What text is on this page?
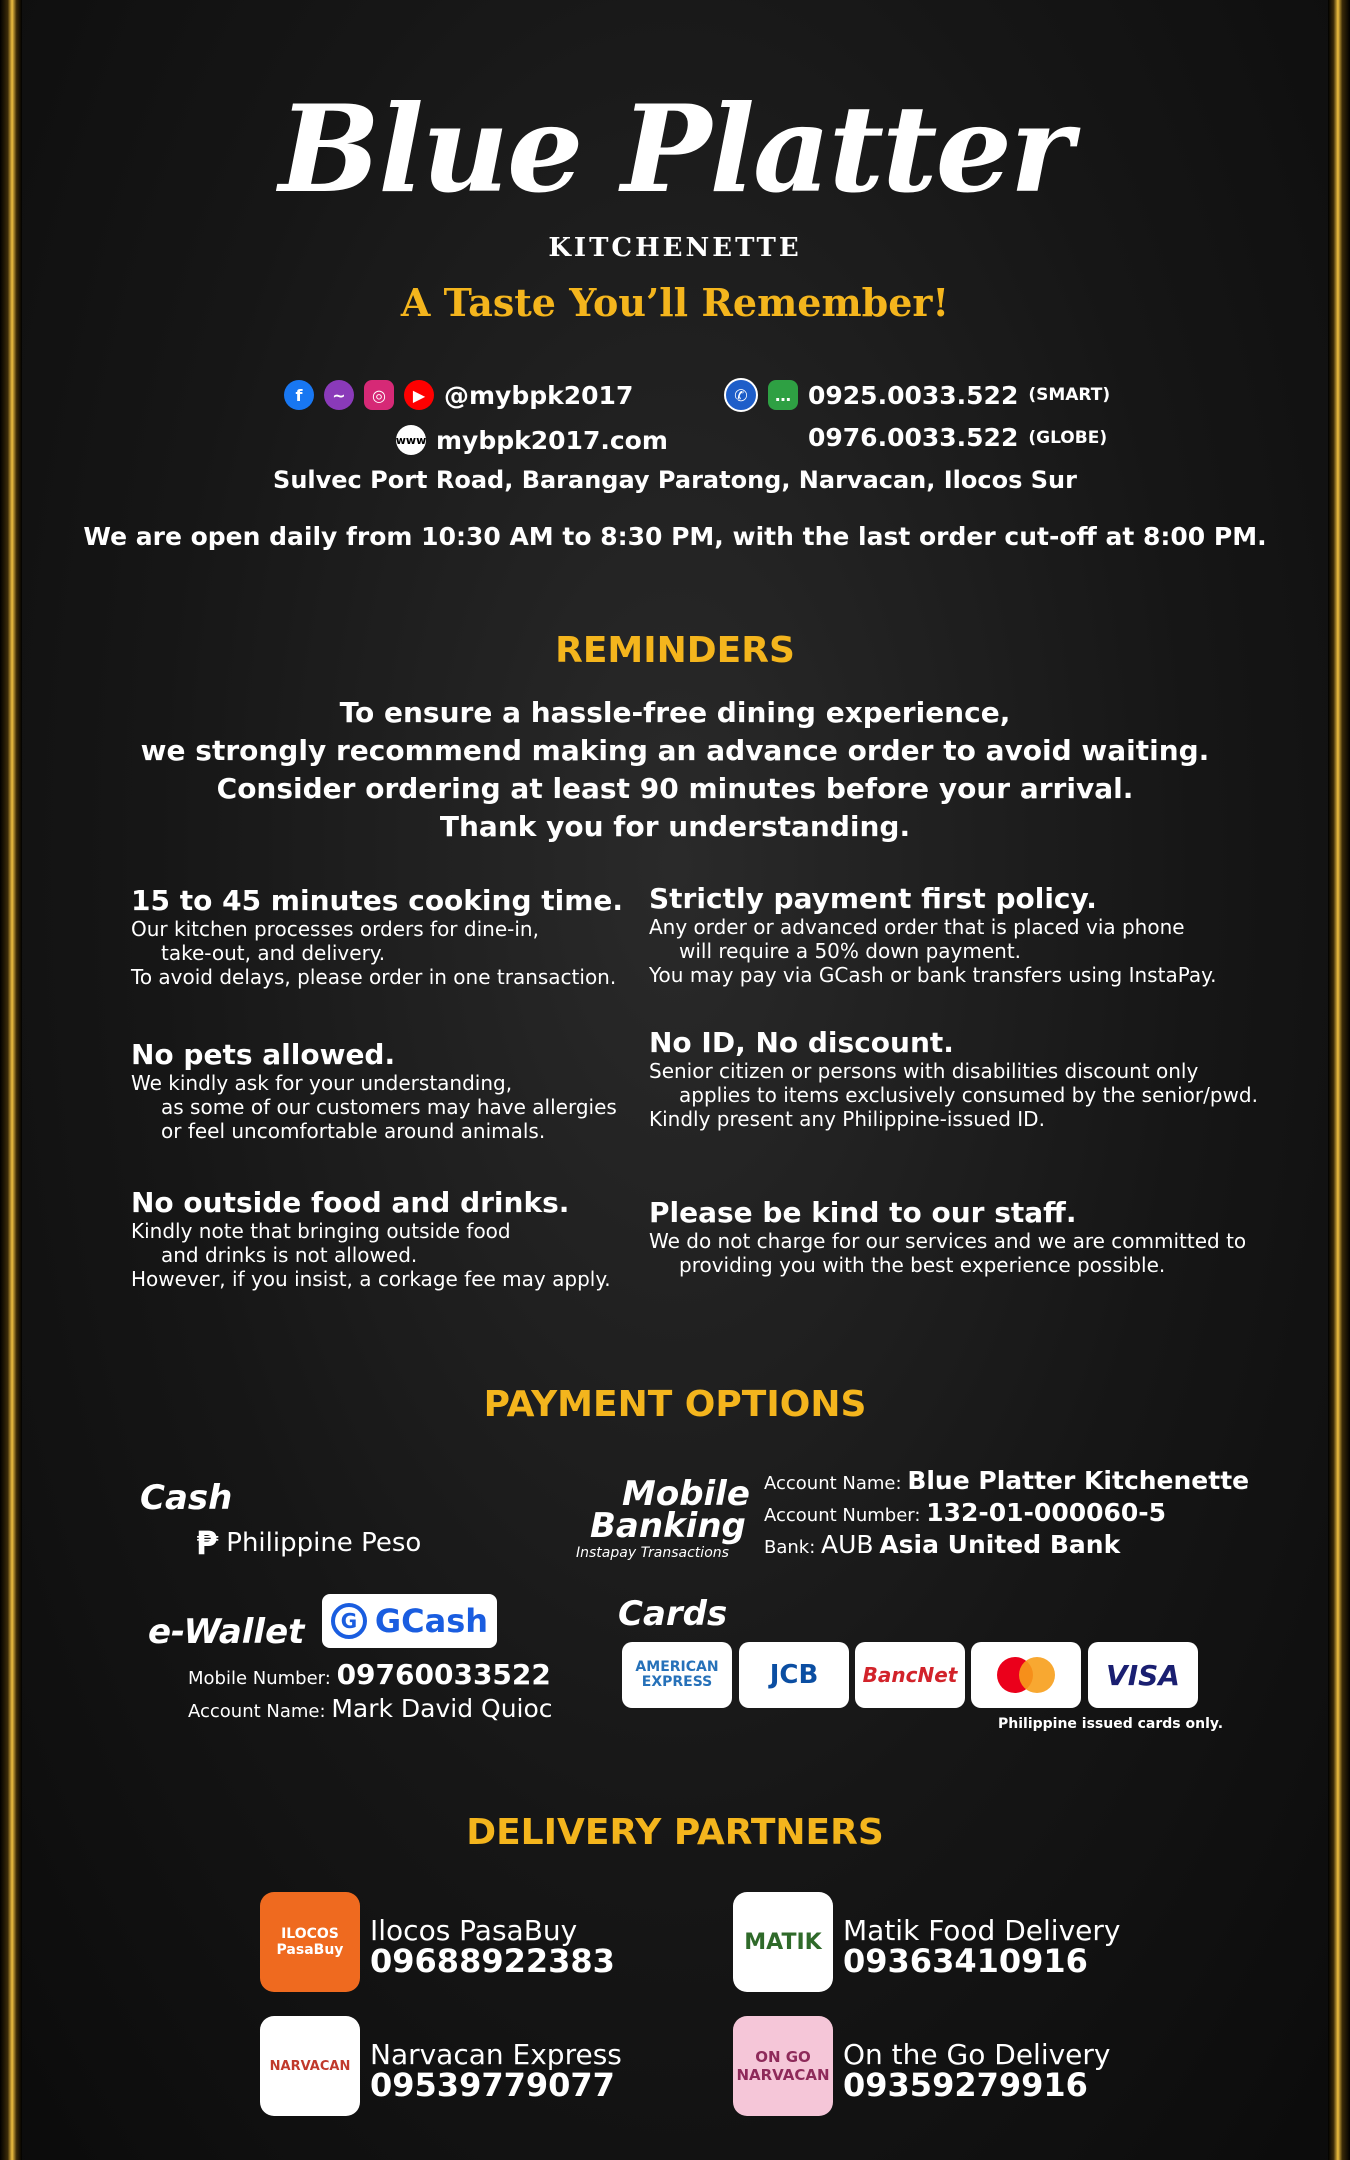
Blue Platter
KITCHENETTE
A Taste You’ll Remember!
f	~	◎	▶ @mybpk2017
www mybpk2017.com
✆	… 0925.0033.522 (SMART)
0976.0033.522 (GLOBE)
Sulvec Port Road, Barangay Paratong, Narvacan, Ilocos Sur
We are open daily from 10:30 AM to 8:30 PM, with the last order cut-off at 8:00 PM.
REMINDERS
To ensure a hassle-free dining experience,
we strongly recommend making an advance order to avoid waiting.
Consider ordering at least 90 minutes before your arrival.
Thank you for understanding.
15 to 45 minutes cooking time.

Our kitchen processes orders for dine-in,

take-out, and delivery.

To avoid delays, please order in one transaction.

Strictly payment first policy.

Any order or advanced order that is placed via phone

will require a 50% down payment.

You may pay via GCash or bank transfers using InstaPay.

No pets allowed.

We kindly ask for your understanding,

as some of our customers may have allergies

or feel uncomfortable around animals.

No ID, No discount.

Senior citizen or persons with disabilities discount only

applies to items exclusively consumed by the senior/pwd.

Kindly present any Philippine-issued ID.

No outside food and drinks.

Kindly note that bringing outside food

and drinks is not allowed.

However, if you insist, a corkage fee may apply.

Please be kind to our staff.

We do not charge for our services and we are committed to

providing you with the best experience possible.

PAYMENT OPTIONS
Cash
₱ Philippine Peso
Mobile
Banking
Instapay Transactions
Account Name: Blue Platter Kitchenette
Account Number: 132-01-000060-5
Bank: AUB Asia United Bank
e-Wallet	G GCash
Mobile Number: 09760033522
Account Name: Mark David Quioc
Cards
AMERICAN EXPRESS	JCB	BancNet	VISA
Philippine issued cards only.
DELIVERY PARTNERS
ILOCOS PasaBuy
Ilocos PasaBuy
09688922383	MATIK Matik Food Delivery
09363410916
NARVACAN Narvacan Express
09539779077
ON GO NARVACAN
On the Go Delivery
09359279916
